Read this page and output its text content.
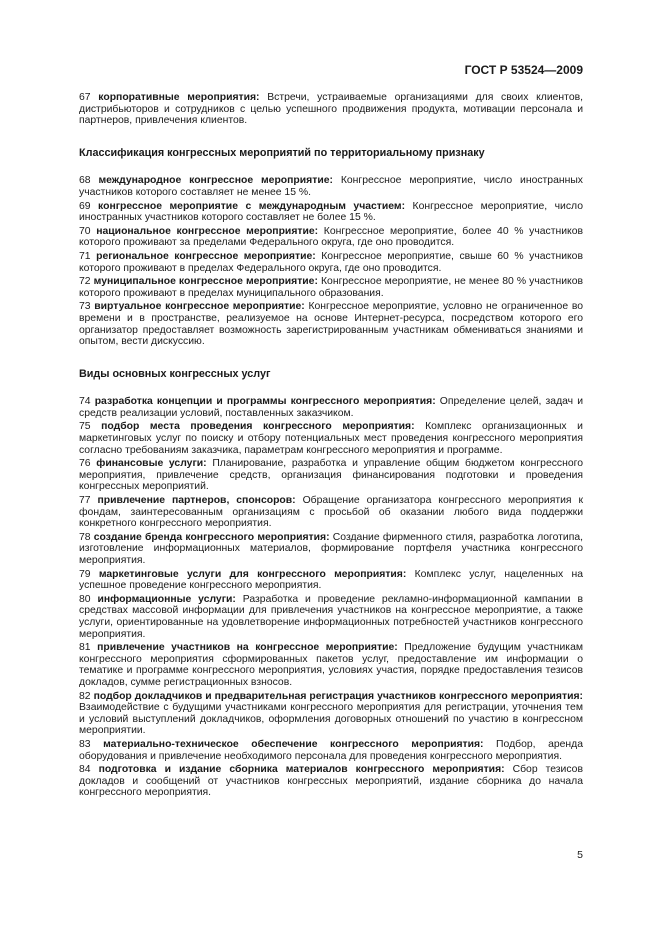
ГОСТ Р 53524—2009
67 корпоративные мероприятия: Встречи, устраиваемые организациями для своих клиентов, дистрибьюторов и сотрудников с целью успешного продвижения продукта, мотивации персонала и партнеров, привлечения клиентов.
Классификация конгрессных мероприятий по территориальному признаку
68 международное конгрессное мероприятие: Конгрессное мероприятие, число иностранных участников которого составляет не менее 15 %.
69 конгрессное мероприятие с международным участием: Конгрессное мероприятие, число иностранных участников которого составляет не более 15 %.
70 национальное конгрессное мероприятие: Конгрессное мероприятие, более 40 % участников которого проживают за пределами Федерального округа, где оно проводится.
71 региональное конгрессное мероприятие: Конгрессное мероприятие, свыше 60 % участников которого проживают в пределах Федерального округа, где оно проводится.
72 муниципальное конгрессное мероприятие: Конгрессное мероприятие, не менее 80 % участников которого проживают в пределах муниципального образования.
73 виртуальное конгрессное мероприятие: Конгрессное мероприятие, условно не ограниченное во времени и в пространстве, реализуемое на основе Интернет-ресурса, посредством которого его организатор предоставляет возможность зарегистрированным участникам обмениваться знаниями и опытом, вести дискуссию.
Виды основных конгрессных услуг
74 разработка концепции и программы конгрессного мероприятия: Определение целей, задач и средств реализации условий, поставленных заказчиком.
75 подбор места проведения конгрессного мероприятия: Комплекс организационных и маркетинговых услуг по поиску и отбору потенциальных мест проведения конгрессного мероприятия согласно требованиям заказчика, параметрам конгрессного мероприятия и программе.
76 финансовые услуги: Планирование, разработка и управление общим бюджетом конгрессного мероприятия, привлечение средств, организация финансирования подготовки и проведения конгрессных мероприятий.
77 привлечение партнеров, спонсоров: Обращение организатора конгрессного мероприятия к фондам, заинтересованным организациям с просьбой об оказании любого вида поддержки конкретного конгрессного мероприятия.
78 создание бренда конгрессного мероприятия: Создание фирменного стиля, разработка логотипа, изготовление информационных материалов, формирование портфеля участника конгрессного мероприятия.
79 маркетинговые услуги для конгрессного мероприятия: Комплекс услуг, нацеленных на успешное проведение конгрессного мероприятия.
80 информационные услуги: Разработка и проведение рекламно-информационной кампании в средствах массовой информации для привлечения участников на конгрессное мероприятие, а также услуги, ориентированные на удовлетворение информационных потребностей участников конгрессного мероприятия.
81 привлечение участников на конгрессное мероприятие: Предложение будущим участникам конгрессного мероприятия сформированных пакетов услуг, предоставление им информации о тематике и программе конгрессного мероприятия, условиях участия, порядке предоставления тезисов докладов, сумме регистрационных взносов.
82 подбор докладчиков и предварительная регистрация участников конгрессного мероприятия: Взаимодействие с будущими участниками конгрессного мероприятия для регистрации, уточнения тем и условий выступлений докладчиков, оформления договорных отношений по участию в конгрессном мероприятии.
83 материально-техническое обеспечение конгрессного мероприятия: Подбор, аренда оборудования и привлечение необходимого персонала для проведения конгрессного мероприятия.
84 подготовка и издание сборника материалов конгрессного мероприятия: Сбор тезисов докладов и сообщений от участников конгрессных мероприятий, издание сборника до начала конгрессного мероприятия.
5
